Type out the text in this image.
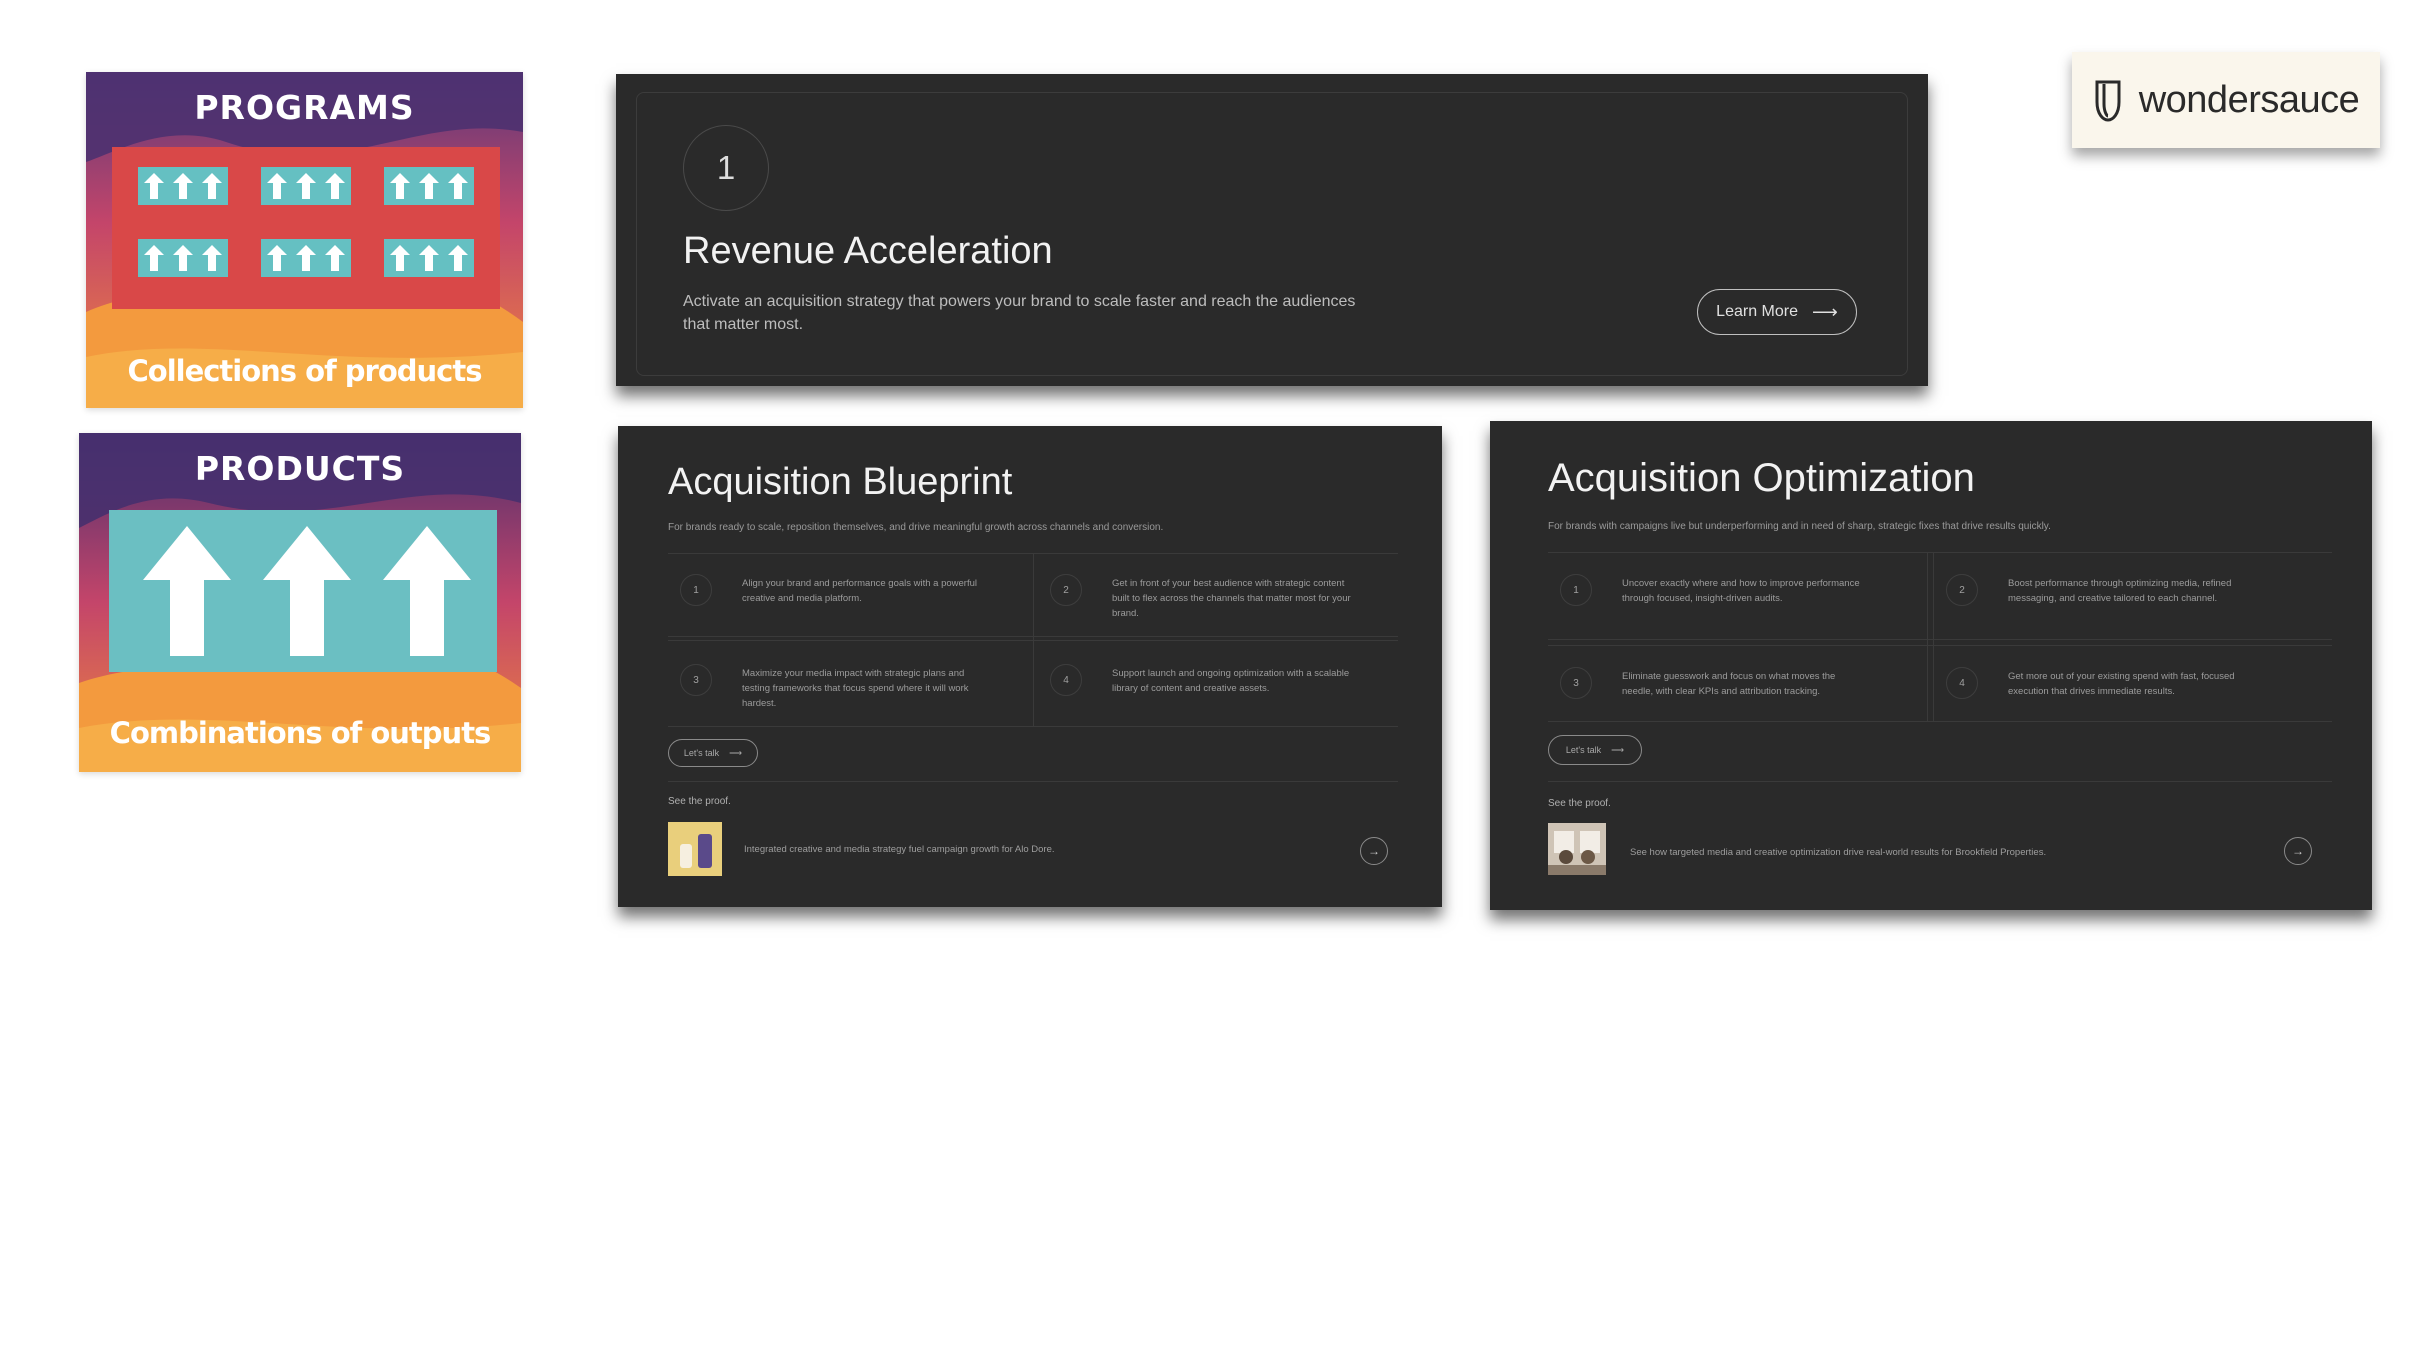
PROGRAMS
Collections of products
PRODUCTS
Combinations of outputs
1
Revenue Acceleration
Activate an acquisition strategy that powers your brand to scale faster and reach the audiences that matter most.
Learn More ⟶
Acquisition Blueprint
For brands ready to scale, reposition themselves, and drive meaningful growth across channels and conversion.
1
Align your brand and performance goals with a powerful creative and media platform.
2
Get in front of your best audience with strategic content built to flex across the channels that matter most for your brand.
3
Maximize your media impact with strategic plans and testing frameworks that focus spend where it will work hardest.
4
Support launch and ongoing optimization with a scalable library of content and creative assets.
Let's talk ⟶
See the proof.
Integrated creative and media strategy fuel campaign growth for Alo Dore.	→
Acquisition Optimization
For brands with campaigns live but underperforming and in need of sharp, strategic fixes that drive results quickly.
1
Uncover exactly where and how to improve performance through focused, insight-driven audits.
2
Boost performance through optimizing media, refined messaging, and creative tailored to each channel.
3
Eliminate guesswork and focus on what moves the needle, with clear KPIs and attribution tracking.
4
Get more out of your existing spend with fast, focused execution that drives immediate results.
Let's talk ⟶
See the proof.
See how targeted media and creative optimization drive real-world results for Brookfield Properties.	→
wondersauce
